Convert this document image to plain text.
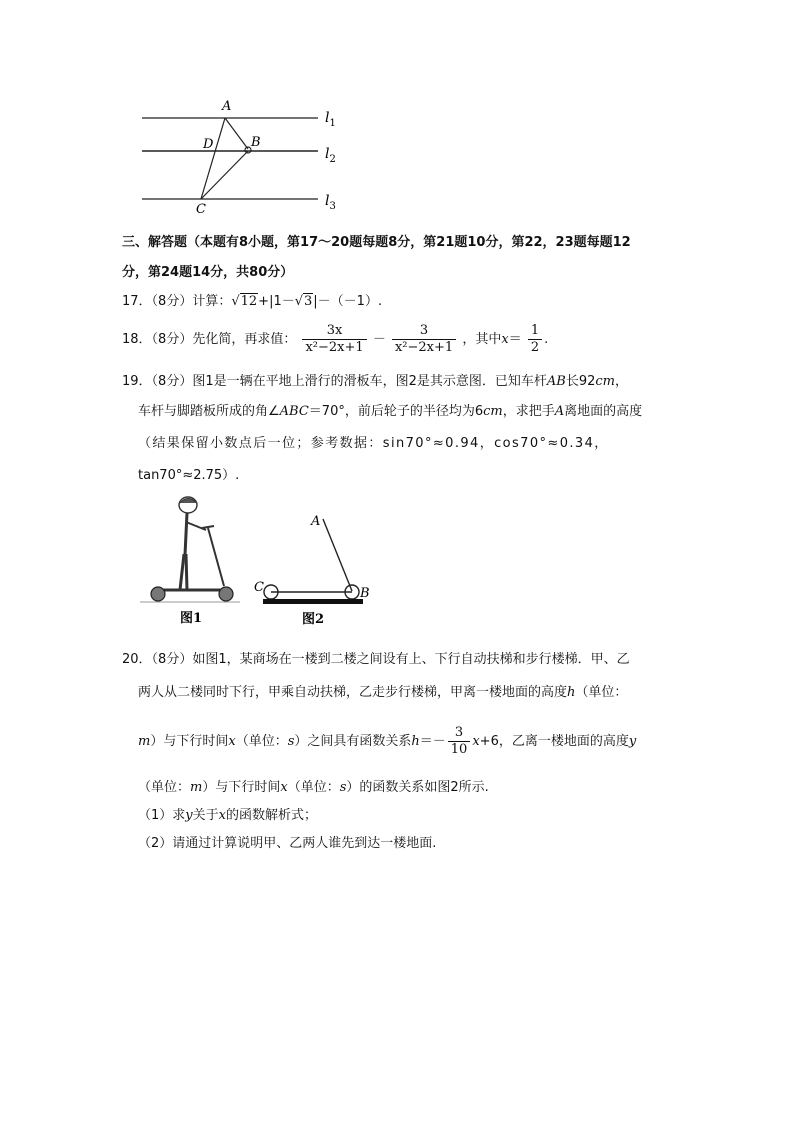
A
D	B
C
$l_1$
$l_2$
$l_3$
三、解答题（本题有8小题，第17～20题每题8分，第21题10分，第22，23题每题12
分，第24题14分，共80分）
17．（8分）计算：√12+|1－√3|－（－1）.
18．（8分）先化简，再求值： $\frac{3x}{\text{x²−2x+1}} - \frac{3}{\text{x²−2x+1}}$ ，其中$x= \frac{1}{2}$ .
19．（8分）图1是一辆在平地上滑行的滑板车，图2是其示意图．已知车杆AB长92cm，
车杆与脚踏板所成的角∠ABC＝70°，前后轮子的半径均为6cm，求把手A离地面的高度
（结果保留小数点后一位；参考数据：sin70°≈0.94，cos70°≈0.34，
tan70°≈2.75）.
图1
A
C	B
图2
20．（8分）如图1，某商场在一楼到二楼之间设有上、下行自动扶梯和步行楼梯．甲、乙
两人从二楼同时下行，甲乘自动扶梯，乙走步行楼梯，甲离一楼地面的高度h（单位：
m）与下行时间x（单位：s）之间具有函数关系$h=- \frac{3}{10} x+6$，乙离一楼地面的高度y
（单位：m）与下行时间x（单位：s）的函数关系如图2所示.
（1）求y关于x的函数解析式；
（2）请通过计算说明甲、乙两人谁先到达一楼地面.
